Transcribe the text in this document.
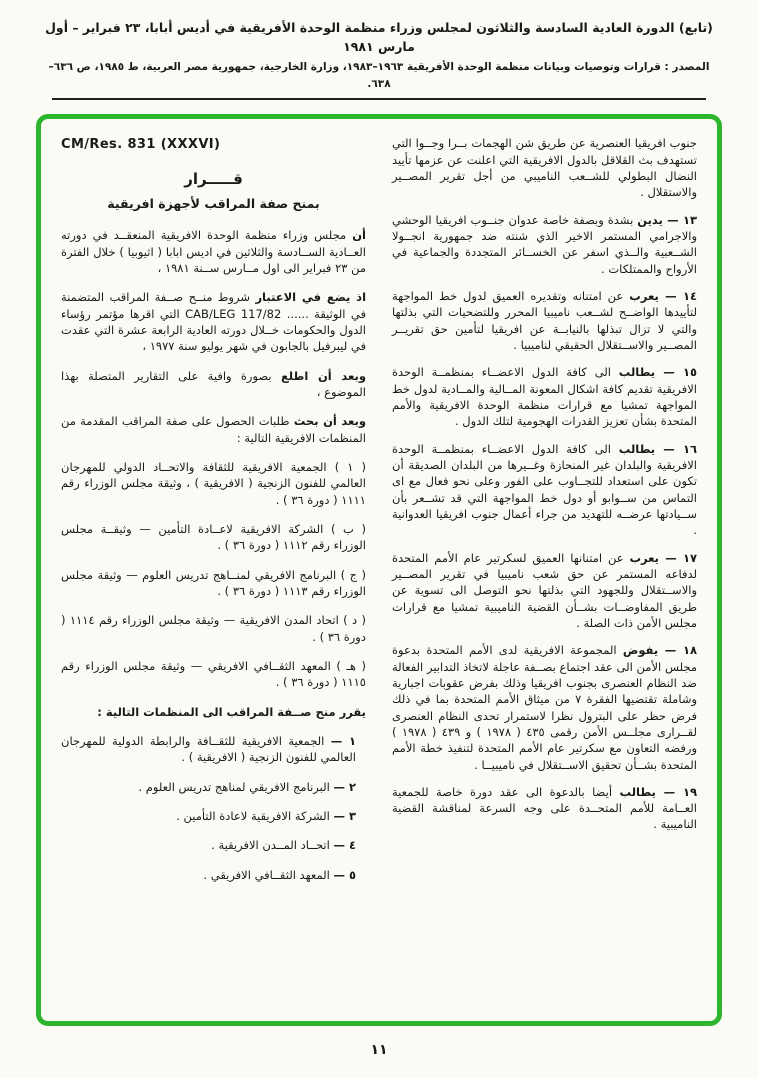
(تابع) الدورة العادية السادسة والثلاثون لمجلس وزراء منظمة الوحدة الأفريقية في أديس أبابا، ٢٣ فبراير – أول مارس ١٩٨١
المصدر : قرارات وتوصيات وبيانات منظمة الوحدة الأفريقية ١٩٦٣–١٩٨٣، وزارة الخارجية، جمهورية مصر العربية، ط ١٩٨٥، ص ٦٣٦–٦٣٨.

جنوب افريقيا العنصرية عن طريق شن الهجمات بــرا وجــوا التي تستهدف بث القلاقل بالدول الافريقية التي اعلنت عن عزمها تأييد النضال البطولي للشــعب الناميبي من أجل تقرير المصــير والاستقلال .

١٣ — يدين بشدة وبصفة خاصة عدوان جنــوب افريقيا الوحشي والاجرامي المستمر الاخير الذي شنته ضد جمهورية انجــولا الشــعبية والــذي اسفر عن الخســائر المتجددة والجماعية في الأرواح والممتلكات .

١٤ — يعرب عن امتنانه وتقديره العميق لدول خط المواجهة لتأييدها الواضــح لشــعب ناميبيا المحرر وللتضحيات التي بذلتها والتي لا تزال تبذلها بالنيابــة عن افريقيا لتأمين حق تقريــر المصــير والاســتقلال الحقيقي لناميبيا .

١٥ — يطالب الى كافة الدول الاعضــاء بمنظمــة الوحدة الافريقية تقديم كافة اشكال المعونة المــالية والمــادية لدول خط المواجهة تمشيا مع قرارات منظمة الوحدة الافريقية والأمم المتحدة بشأن تعزيز القدرات الهجومية لتلك الدول .

١٦ — يطالب الى كافة الدول الاعضــاء بمنظمــة الوحدة الافريقية والبلدان غير المنحازة وغــيرها من البلدان الصديقة أن تكون على استعداد للتجــاوب على الفور وعلى نحو فعال مع اى التماس من ســوابو أو دول خط المواجهة التي قد تشــعر بأن ســيادتها عرضــه للتهديد من جراء أعمال جنوب افريقيا العدوانية .

١٧ — يعرب عن امتنانها العميق لسكرتير عام الأمم المتحدة لدفاعه المستمر عن حق شعب ناميبيا في تقرير المصــير والاســتقلال وللجهود التي بذلتها نحو التوصل الى تسوية عن طريق المفاوضــات بشــأن القضية الناميبية تمشيا مع قرارات مجلس الأمن ذات الصلة .

١٨ — يفوض المجموعة الافريقية لدى الأمم المتحدة بدعوة مجلس الأمن الى عقد اجتماع بصــفة عاجلة لاتخاذ التدابير الفعالة ضد النظام العنصرى بجنوب افريقيا وذلك بفرض عقوبات اجبارية وشاملة تقتضيها الفقرة ٧ من ميثاق الأمم المتحدة بما في ذلك فرض حظر على البترول نظرا لاستمرار تحدى النظام العنصرى لقــرارى مجلــس الأمن رقمى ٤٣٥ ( ١٩٧٨ ) و ٤٣٩ ( ١٩٧٨ ) ورفضه التعاون مع سكرتير عام الأمم المتحدة لتنفيذ خطة الأمم المتحدة بشــأن تحقيق الاســتقلال في ناميبيــا .

١٩ — يطالب أيضا بالدعوة الى عقد دورة خاصة للجمعية العــامة للأمم المتحــدة على وجه السرعة لمناقشة القضية الناميبية .

CM/Res. 831 (XXXVI)
قـــــرار
بمنح صفة المراقب لأجهزة افريقية

أن مجلس وزراء منظمة الوحدة الافريقية المنعقــد في دورته العــادية الســادسة والثلاثين في اديس ابابا ( اثيوبيا ) خلال الفترة من ٢٣ فبراير الى اول مــارس ســنة ١٩٨١ ،

اذ يضع في الاعتبار شروط منــح صــفة المراقب المتضمنة في الوثيقة ...... CAB/LEG 117/82 التي اقرها مؤتمر رؤساء الدول والحكومات خــلال دورته العادية الرابعة عشرة التي عقدت في ليبرفيل بالجابون في شهر يوليو سنة ١٩٧٧ ،

وبعد أن اطلع بصورة وافية على التقارير المتصلة بهذا الموضوع ،

وبعد أن بحث طلبات الحصول على صفة المراقب المقدمة من المنظمات الافريقية التالية :

( ١ ) الجمعية الافريقية للثقافة والاتحــاد الدولي للمهرجان العالمي للفنون الزنجية ( الافريقية ) ، وثيقة مجلس الوزراء رقم ١١١١ ( دورة ٣٦ ) .

( ب ) الشركة الافريقية لاعــادة التأمين — وثيقــة مجلس الوزراء رقم ١١١٢ ( دورة ٣٦ ) .

( ج ) البرنامج الافريقي لمنــاهج تدريس العلوم — وثيقة مجلس الوزراء رقم ١١١٣ ( دورة ٣٦ ) .

( د ) اتحاد المدن الافريقية — وثيقة مجلس الوزراء رقم ١١١٤ ( دورة ٣٦ ) .

( هـ ) المعهد الثقــافي الافريقي — وثيقة مجلس الوزراء رقم ١١١٥ ( دورة ٣٦ ) .

يقرر منح صــفة المراقب الى المنظمات التالية :

١ — الجمعية الافريقية للثقــافة والرابطة الدولية للمهرجان العالمي للفنون الزنجية ( الافريقية ) .

٢ — البرنامج الافريقي لمناهج تدريس العلوم .

٣ — الشركة الافريقية لاعادة التأمين .

٤ — اتحــاد المــدن الافريقية .

٥ — المعهد الثقــافي الافريقي .

١١
